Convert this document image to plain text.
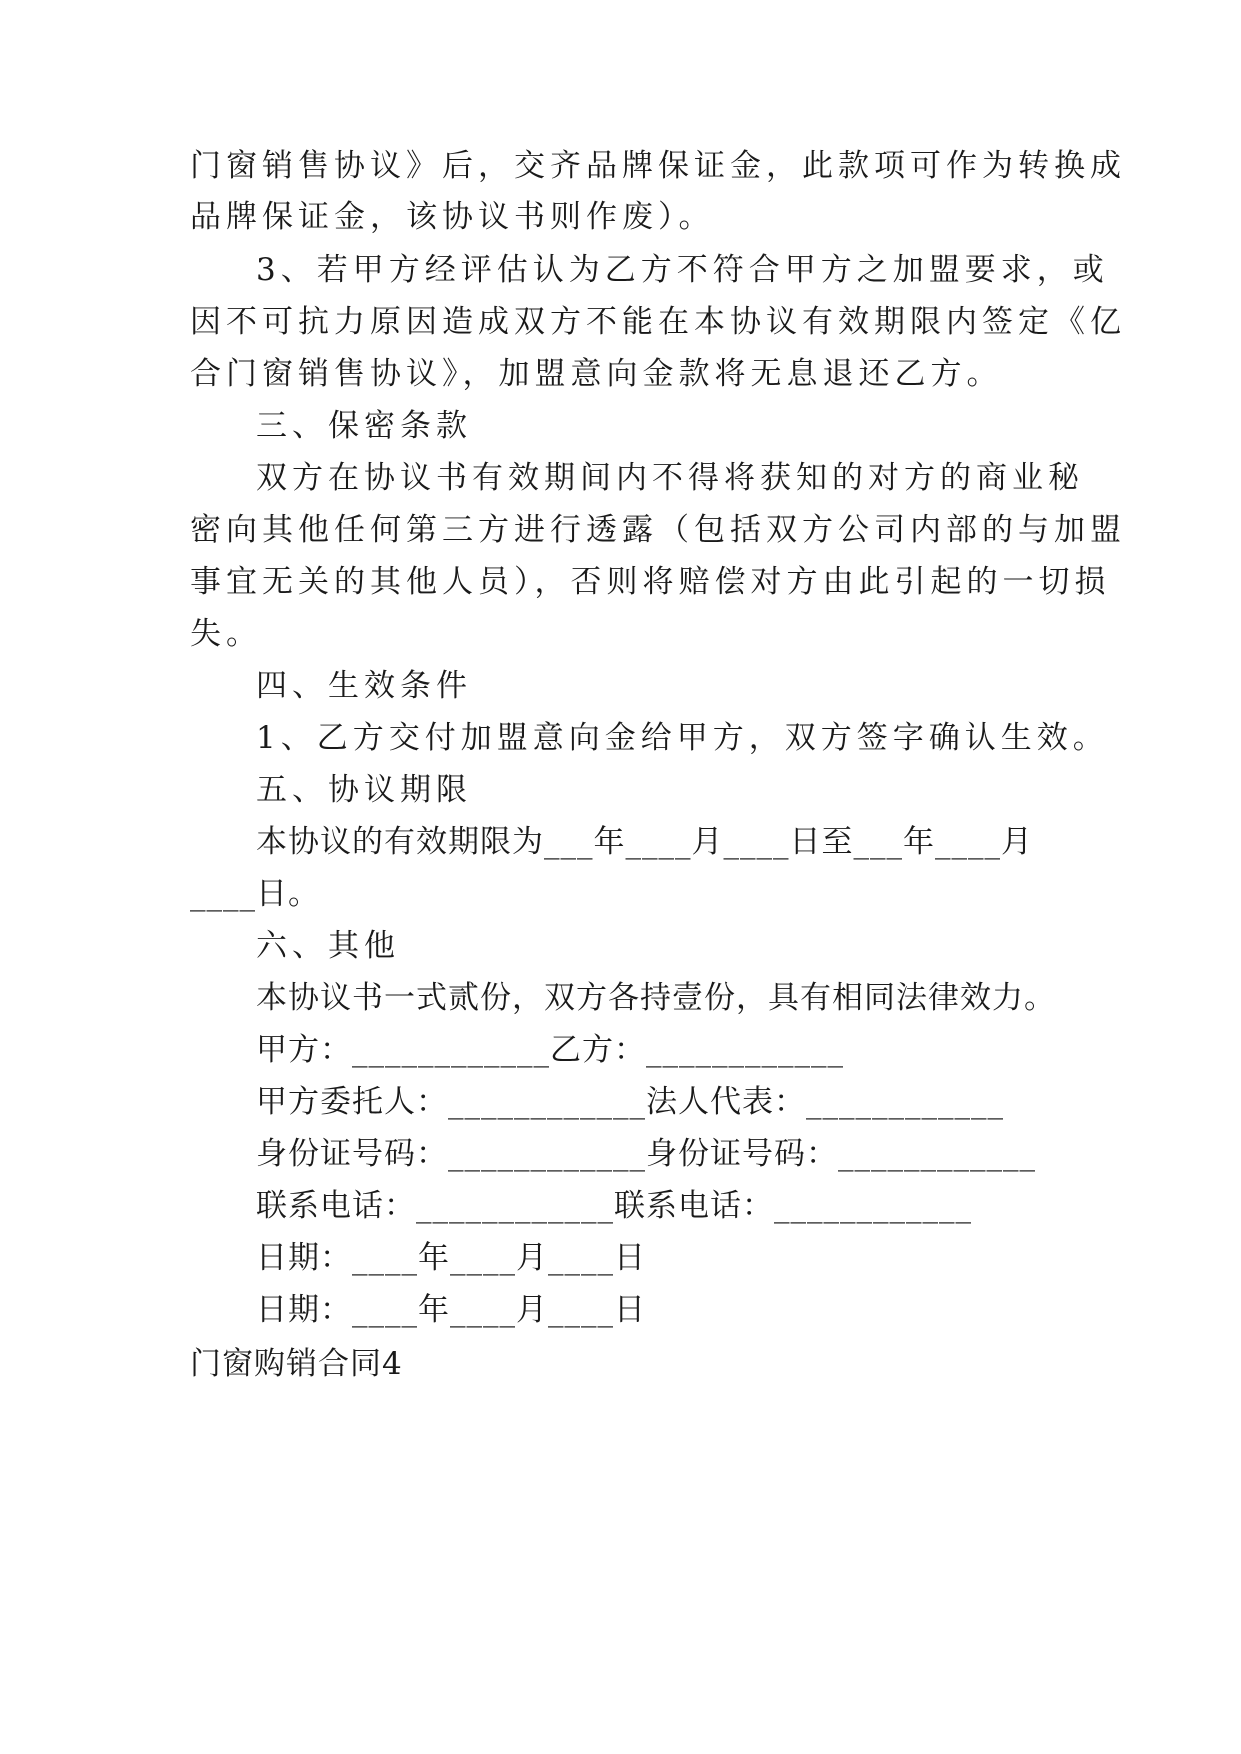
门窗销售协议》后，交齐品牌保证金，此款项可作为转换成
品牌保证金，该协议书则作废）。
3、若甲方经评估认为乙方不符合甲方之加盟要求，或
因不可抗力原因造成双方不能在本协议有效期限内签定《亿
合门窗销售协议》，加盟意向金款将无息退还乙方。
三、保密条款
双方在协议书有效期间内不得将获知的对方的商业秘
密向其他任何第三方进行透露（包括双方公司内部的与加盟
事宜无关的其他人员），否则将赔偿对方由此引起的一切损
失。
四、生效条件
1、乙方交付加盟意向金给甲方，双方签字确认生效。
五、协议期限
本协议的有效期限为___年____月____日至___年____月
____日。
六、其他
本协议书一式贰份，双方各持壹份，具有相同法律效力。
甲方：____________乙方：____________
甲方委托人：____________法人代表：____________
身份证号码：____________身份证号码：____________
联系电话：____________联系电话：____________
日期：____年____月____日
日期：____年____月____日
门窗购销合同4
